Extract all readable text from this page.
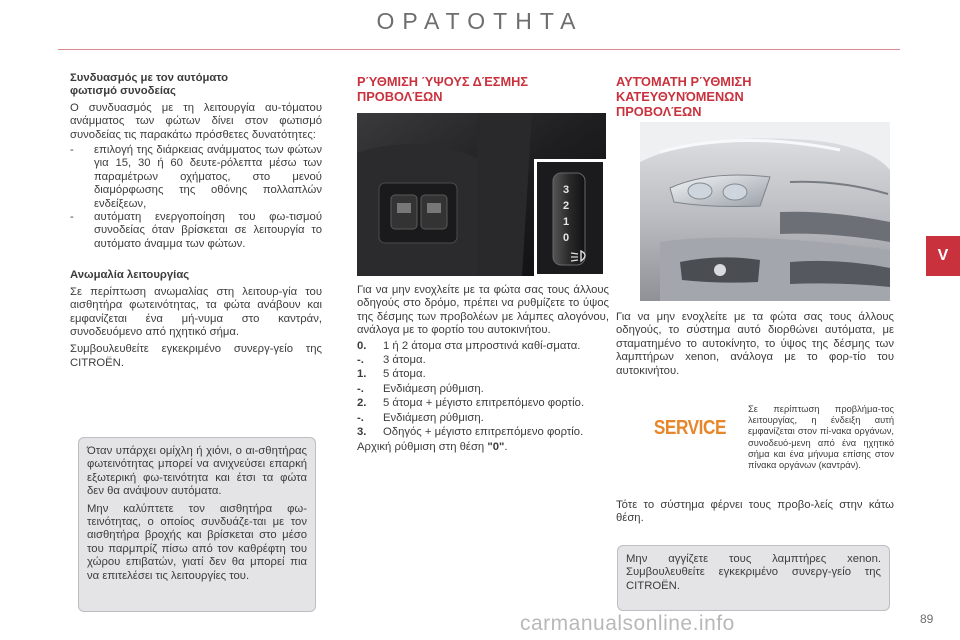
ΟΡΑΤΟΤΗΤΑ
V
Συνδυασμός με τον αυτόματο
φωτισμό συνοδείας

Ο συνδυασμός με τη λειτουργία αυ-τόματου ανάμματος των φώτων δίνει στον φωτισμό συνοδείας τις παρακάτω πρόσθετες δυνατότητες:

- επιλογή της διάρκειας ανάμματος των φώτων για 15, 30 ή 60 δευτε-ρόλεπτα μέσω των παραμέτρων οχήματος, στο μενού διαμόρφωσης της οθόνης πολλαπλών ενδείξεων,
- αυτόματη ενεργοποίηση του φω-τισμού συνοδείας όταν βρίσκεται σε λειτουργία το αυτόματο άναμμα των φώτων.
Ανωμαλία λειτουργίας

Σε περίπτωση ανωμαλίας στη λειτουρ-γία του αισθητήρα φωτεινότητας, τα φώτα ανάβουν και εμφανίζεται ένα μή-νυμα στο καντράν, συνοδευόμενο από ηχητικό σήμα.

Συμβουλευθείτε εγκεκριμένο συνεργ-γείο της CITROËN.

Όταν υπάρχει ομίχλη ή χιόνι, ο αι-σθητήρας φωτεινότητας μπορεί να ανιχνεύσει επαρκή εξωτερική φω-τεινότητα και έτσι τα φώτα δεν θα ανάψουν αυτόματα.

Μην καλύπτετε τον αισθητήρα φω-τεινότητας, ο οποίος συνδυάζε-ται με τον αισθητήρα βροχής και βρίσκεται στο μέσο του παρμπρίζ πίσω από τον καθρέφτη του χώρου επιβατών, γιατί δεν θα μπορεί πια να επιτελέσει τις λειτουργίες του.

ΡΎΘΜΙΣΗ ΎΨΟΥΣ ΔΈΣΜΗΣ
ΠΡΟΒΟΛΈΩΝ
3
2
1
0

Για να μην ενοχλείτε με τα φώτα σας τους άλλους οδηγούς στο δρόμο, πρέπει να ρυθμίζετε το ύψος της δέσμης των προβολέων με λάμπες αλογόνου, ανάλογα με το φορτίο του αυτοκινήτου.

0. 1 ή 2 άτομα στα μπροστινά καθί-σματα.
-. 3 άτομα.
1. 5 άτομα.
-. Ενδιάμεση ρύθμιση.
2. 5 άτομα + μέγιστο επιτρεπόμενο φορτίο.
-. Ενδιάμεση ρύθμιση.
3. Οδηγός + μέγιστο επιτρεπόμενο φορτίο.

Αρχική ρύθμιση στη θέση "0".

ΑΥΤΌΜΑΤΗ ΡΎΘΜΙΣΗ
ΚΑΤΕΥΘΥΝΌΜΕΝΩΝ
ΠΡΟΒΟΛΈΩΝ

Για να μην ενοχλείτε με τα φώτα σας τους άλλους οδηγούς, το σύστημα αυτό διορθώνει αυτόματα, με σταματημένο το αυτοκίνητο, το ύψος της δέσμης των λαμπτήρων xenon, ανάλογα με το φορ-τίο του αυτοκινήτου.

SERVICE
Σε περίπτωση προβλήμα-τος λειτουργίας, η ένδειξη αυτή εμφανίζεται στον πί-νακα οργάνων, συνοδευό-μενη από ένα ηχητικό σήμα και ένα μήνυμα επίσης στον πίνακα οργάνων (καντράν).

Τότε το σύστημα φέρνει τους προβο-λείς στην κάτω θέση.

Μην αγγίζετε τους λαμπτήρες xenon. Συμβουλευθείτε εγκεκριμένο συνεργ-γείο της CITROËN.

carmanualsonline.info	89
